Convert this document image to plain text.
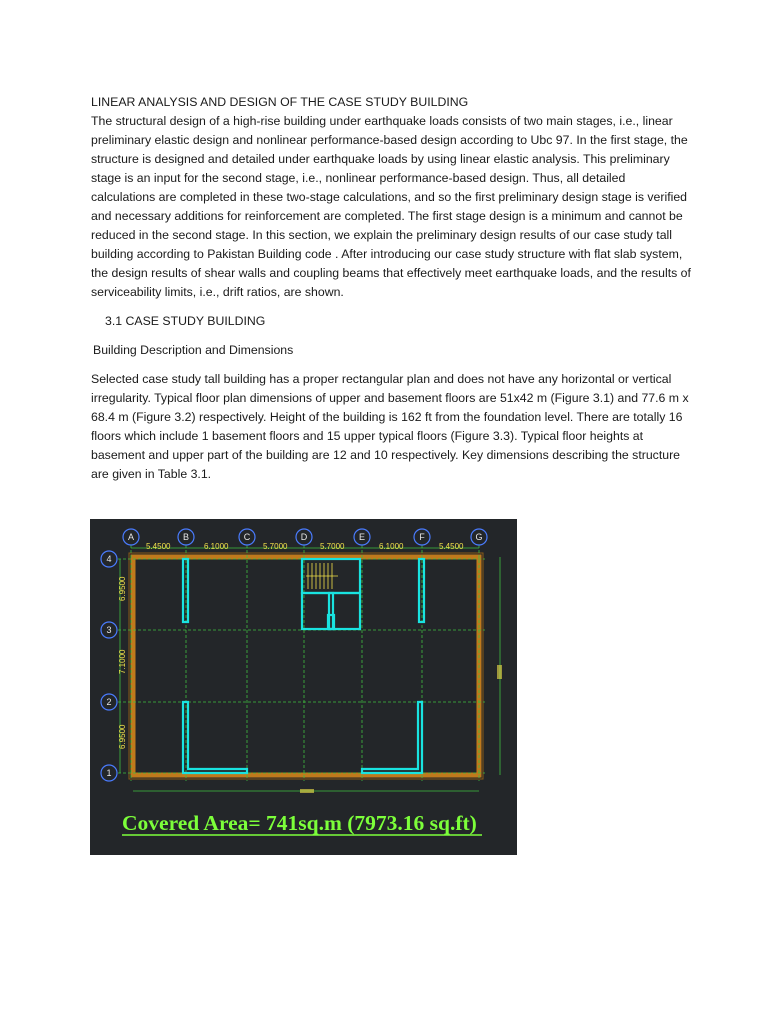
LINEAR ANALYSIS AND DESIGN OF THE CASE STUDY BUILDING

The structural design of a high-rise building under earthquake loads consists of two main stages, i.e., linear preliminary elastic design and nonlinear performance-based design according to Ubc 97. In the first stage, the structure is designed and detailed under earthquake loads by using linear elastic analysis. This preliminary stage is an input for the second stage, i.e., nonlinear performance-based design. Thus, all detailed calculations are completed in these two-stage calculations, and so the first preliminary design stage is verified and necessary additions for reinforcement are completed. The first stage design is a minimum and cannot be reduced in the second stage. In this section, we explain the preliminary design results of our case study tall building according to Pakistan Building code . After introducing our case study structure with flat slab system, the design results of shear walls and coupling beams that effectively meet earthquake loads, and the results of serviceability limits, i.e., drift ratios, are shown.

3.1 CASE STUDY BUILDING

Building Description and Dimensions

Selected case study tall building has a proper rectangular plan and does not have any horizontal or vertical irregularity. Typical floor plan dimensions of upper and basement floors are 51x42 m (Figure 3.1) and 77.6 m x 68.4 m (Figure 3.2) respectively. Height of the building is 162 ft from the foundation level. There are totally 16 floors which include 1 basement floors and 15 upper typical floors (Figure 3.3). Typical floor heights at basement and upper part of the building are 12 and 10 respectively. Key dimensions describing the structure are given in Table 3.1.

5.4500	6.1000	5.7000	5.7000	6.1000	5.4500
6.9500
7.1000
6.9500
A	B	C	D	E	F	G
4
3
2
1
Covered Area= 741sq.m (7973.16 sq.ft)
